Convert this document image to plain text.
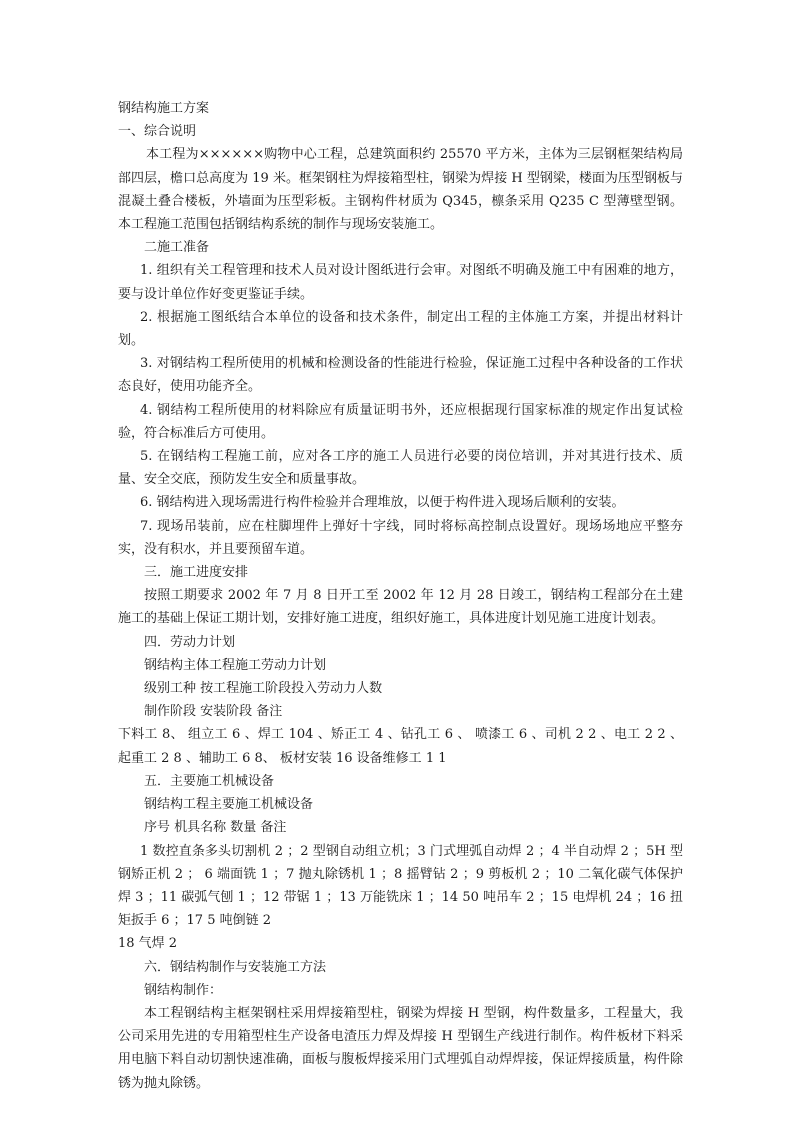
钢结构施工方案

一、综合说明

本工程为××××××购物中心工程，总建筑面积约 25570 平方米，主体为三层钢框架结构局部四层，檐口总高度为 19 米。框架钢柱为焊接箱型柱，钢梁为焊接 H 型钢梁，楼面为压型钢板与混凝土叠合楼板，外墙面为压型彩板。主钢构件材质为 Q345，檩条采用 Q235 C 型薄壁型钢。本工程施工范围包括钢结构系统的制作与现场安装施工。

二施工准备

1. 组织有关工程管理和技术人员对设计图纸进行会审。对图纸不明确及施工中有困难的地方，要与设计单位作好变更鉴证手续。

2. 根据施工图纸结合本单位的设备和技术条件，制定出工程的主体施工方案，并提出材料计划。

3. 对钢结构工程所使用的机械和检测设备的性能进行检验，保证施工过程中各种设备的工作状态良好，使用功能齐全。

4. 钢结构工程所使用的材料除应有质量证明书外，还应根据现行国家标准的规定作出复试检验，符合标准后方可使用。

5. 在钢结构工程施工前，应对各工序的施工人员进行必要的岗位培训，并对其进行技术、质量、安全交底，预防发生安全和质量事故。

6. 钢结构进入现场需进行构件检验并合理堆放，以便于构件进入现场后顺利的安装。

7. 现场吊装前，应在柱脚埋件上弹好十字线，同时将标高控制点设置好。现场场地应平整夯实，没有积水，并且要预留车道。

三．施工进度安排

按照工期要求 2002 年 7 月 8 日开工至 2002 年 12 月 28 日竣工，钢结构工程部分在土建施工的基础上保证工期计划，安排好施工进度，组织好施工，具体进度计划见施工进度计划表。

四．劳动力计划

钢结构主体工程施工劳动力计划

级别工种 按工程施工阶段投入劳动力人数

制作阶段 安装阶段 备注

下料工 8、 组立工 6 、焊工 104 、矫正工 4 、钻孔工 6 、 喷漆工 6 、司机 2 2 、电工 2 2 、起重工 2 8 、辅助工 6 8、 板材安装 16 设备维修工 1 1

五．主要施工机械设备

钢结构工程主要施工机械设备

序号 机具名称 数量 备注

1 数控直条多头切割机 2 ；2 型钢自动组立机；3 门式埋弧自动焊 2 ；4 半自动焊 2 ；5H 型钢矫正机 2 ； 6 端面铣 1 ；7 抛丸除锈机 1 ；8 摇臂钻 2 ；9 剪板机 2 ；10 二氧化碳气体保护焊 3 ；11 碳弧气刨 1 ；12 带锯 1 ；13 万能铣床 1 ；14 50 吨吊车 2 ；15 电焊机 24 ；16 扭矩扳手 6 ；17 5 吨倒链 2

18 气焊 2

六．钢结构制作与安装施工方法

钢结构制作：

本工程钢结构主框架钢柱采用焊接箱型柱，钢梁为焊接 H 型钢，构件数量多，工程量大，我公司采用先进的专用箱型柱生产设备电渣压力焊及焊接 H 型钢生产线进行制作。构件板材下料采用电脑下料自动切割快速准确，面板与腹板焊接采用门式埋弧自动焊焊接，保证焊接质量，构件除锈为抛丸除锈。
